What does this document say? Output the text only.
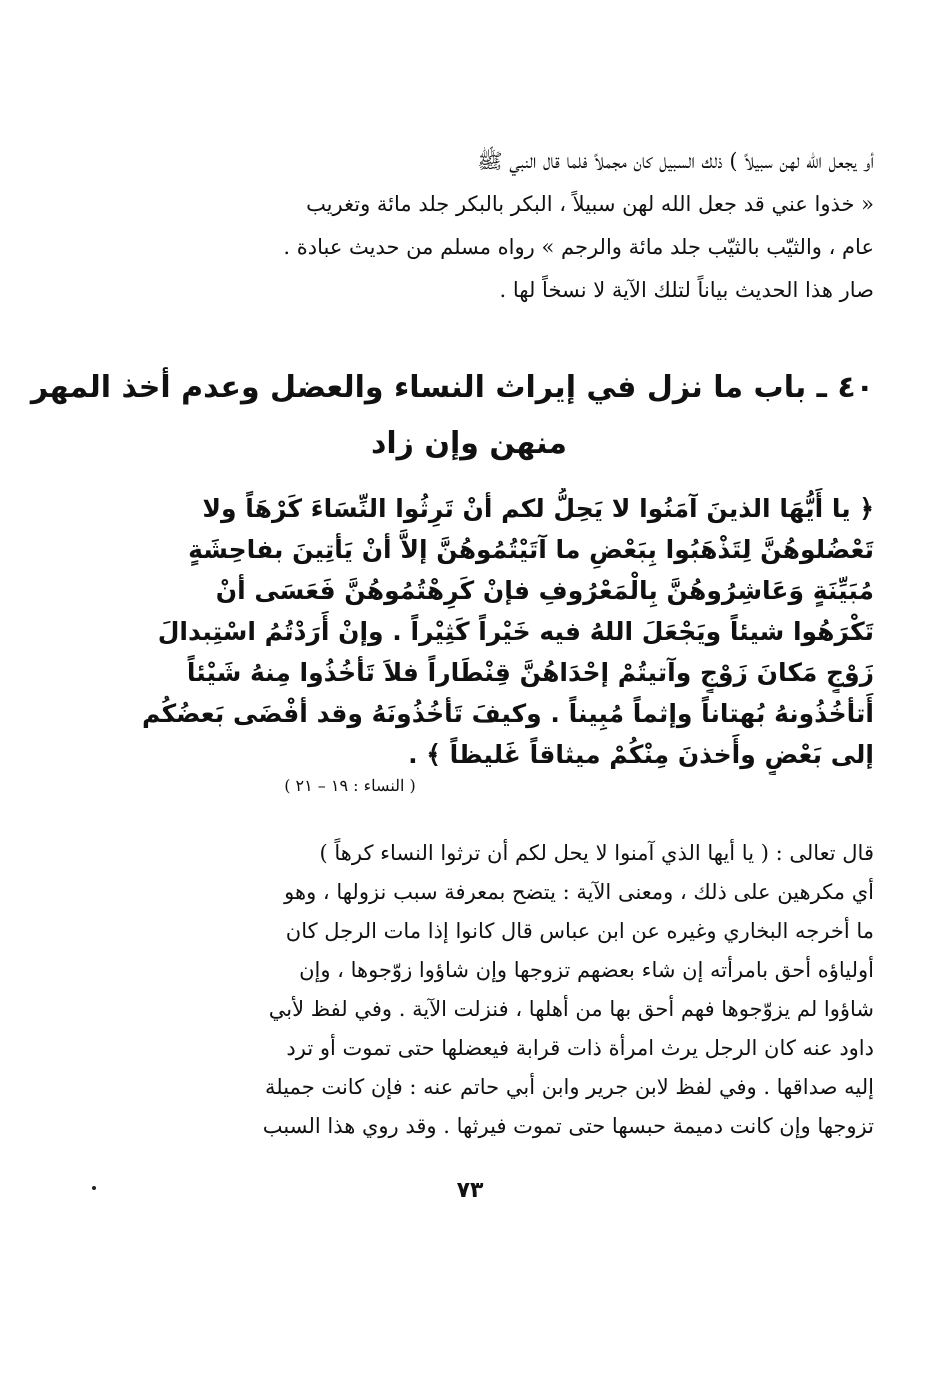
أو يجعل الله لهن سبيلاً ) ذلك السبيل كان مجملاً فلما قال النبي ﷺ
« خذوا عني قد جعل الله لهن سبيلاً ، البكر بالبكر جلد مائة وتغريب
عام ، والثيّب بالثيّب جلد مائة والرجم » رواه مسلم من حديث عبادة .
صار هذا الحديث بياناً لتلك الآية لا نسخاً لها .
٤٠ ـ باب ما نزل في إيراث النساء والعضل وعدم أخذ المهر
منهن وإن زاد
﴿ يا أَيُّهَا الذينَ آمَنُوا لا يَحِلُّ لكم أنْ تَرِثُوا النِّسَاءَ كَرْهَاً ولا
تَعْضُلوهُنَّ لِتَذْهَبُوا بِبَعْضِ ما آتَيْتُمُوهُنَّ إلاَّ أنْ يَأتِينَ بفاحِشَةٍ
مُبَيِّنَةٍ وَعَاشِرُوهُنَّ بِالْمَعْرُوفِ فإنْ كَرِهْتُمُوهُنَّ فَعَسَى أنْ
تَكْرَهُوا شيئاً ويَجْعَلَ اللهُ فيه خَيْراً كَثِيْراً . وإنْ أَرَدْتُمُ اسْتِبدالَ
زَوْجٍ مَكانَ زَوْجٍ وآتيتُمْ إحْدَاهُنَّ قِنْطَاراً فلاَ تَأخُذُوا مِنهُ شَيْئاً
أَتأخُذُونهُ بُهتاناً وإثماً مُبِيناً . وكيفَ تَأخُذُونَهُ وقد أفْضَى بَعضُكُم
إلى بَعْضٍ وأَخذنَ مِنْكُمْ ميثاقاً غَليظاً ﴾ .
( النساء : ١٩ – ٢١ )
قال تعالى : ( يا أيها الذي آمنوا لا يحل لكم أن ترثوا النساء كرهاً )
أي مكرهين على ذلك ، ومعنى الآية : يتضح بمعرفة سبب نزولها ، وهو
ما أخرجه البخاري وغيره عن ابن عباس قال كانوا إذا مات الرجل كان
أولياؤه أحق بامرأته إن شاء بعضهم تزوجها وإن شاؤوا زوّجوها ، وإن
شاؤوا لم يزوّجوها فهم أحق بها من أهلها ، فنزلت الآية . وفي لفظ لأبي
داود عنه كان الرجل يرث امرأة ذات قرابة فيعضلها حتى تموت أو ترد
إليه صداقها . وفي لفظ لابن جرير وابن أبي حاتم عنه : فإن كانت جميلة
تزوجها وإن كانت دميمة حبسها حتى تموت فيرثها . وقد روي هذا السبب
٧٣
